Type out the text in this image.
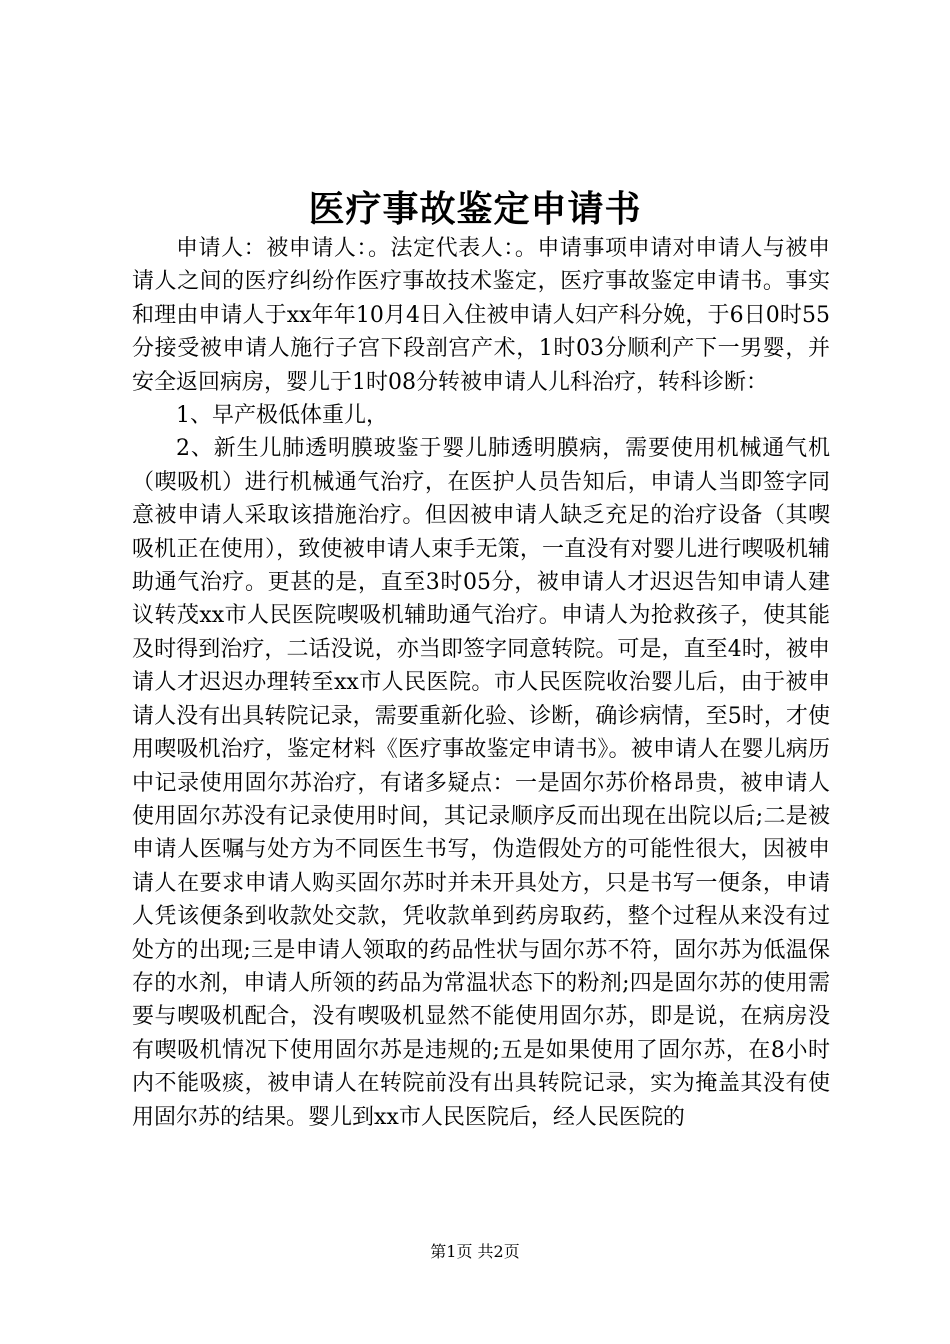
医疗事故鉴定申请书

申请人：被申请人：。法定代表人：。申请事项申请对申请人与被申请人之间的医疗纠纷作医疗事故技术鉴定，医疗事故鉴定申请书。事实和理由申请人于xx年年10月4日入住被申请人妇产科分娩，于6日0时55分接受被申请人施行子宫下段剖宫产术，1时03分顺利产下一男婴，并安全返回病房，婴儿于1时08分转被申请人儿科治疗，转科诊断：

1、早产极低体重儿，

2、新生儿肺透明膜玻鉴于婴儿肺透明膜病，需要使用机械通气机（喫吸机）进行机械通气治疗，在医护人员告知后，申请人当即签字同意被申请人采取该措施治疗。但因被申请人缺乏充足的治疗设备（其喫吸机正在使用），致使被申请人束手无策，一直没有对婴儿进行喫吸机辅助通气治疗。更甚的是，直至3时05分，被申请人才迟迟告知申请人建议转茂xx市人民医院喫吸机辅助通气治疗。申请人为抢救孩子，使其能及时得到治疗，二话没说，亦当即签字同意转院。可是，直至4时，被申请人才迟迟办理转至xx市人民医院。市人民医院收治婴儿后，由于被申请人没有出具转院记录，需要重新化验、诊断，确诊病情，至5时，才使用喫吸机治疗，鉴定材料《医疗事故鉴定申请书》。被申请人在婴儿病历中记录使用固尔苏治疗，有诸多疑点：一是固尔苏价格昂贵，被申请人使用固尔苏没有记录使用时间，其记录顺序反而出现在出院以后;二是被申请人医嘱与处方为不同医生书写，伪造假处方的可能性很大，因被申请人在要求申请人购买固尔苏时并未开具处方，只是书写一便条，申请人凭该便条到收款处交款，凭收款单到药房取药，整个过程从来没有过处方的出现;三是申请人领取的药品性状与固尔苏不符，固尔苏为低温保存的水剂，申请人所领的药品为常温状态下的粉剂;四是固尔苏的使用需要与喫吸机配合，没有喫吸机显然不能使用固尔苏，即是说，在病房没有喫吸机情况下使用固尔苏是违规的;五是如果使用了固尔苏，在8小时内不能吸痰，被申请人在转院前没有出具转院记录，实为掩盖其没有使用固尔苏的结果。婴儿到xx市人民医院后，经人民医院的

第1页 共2页
